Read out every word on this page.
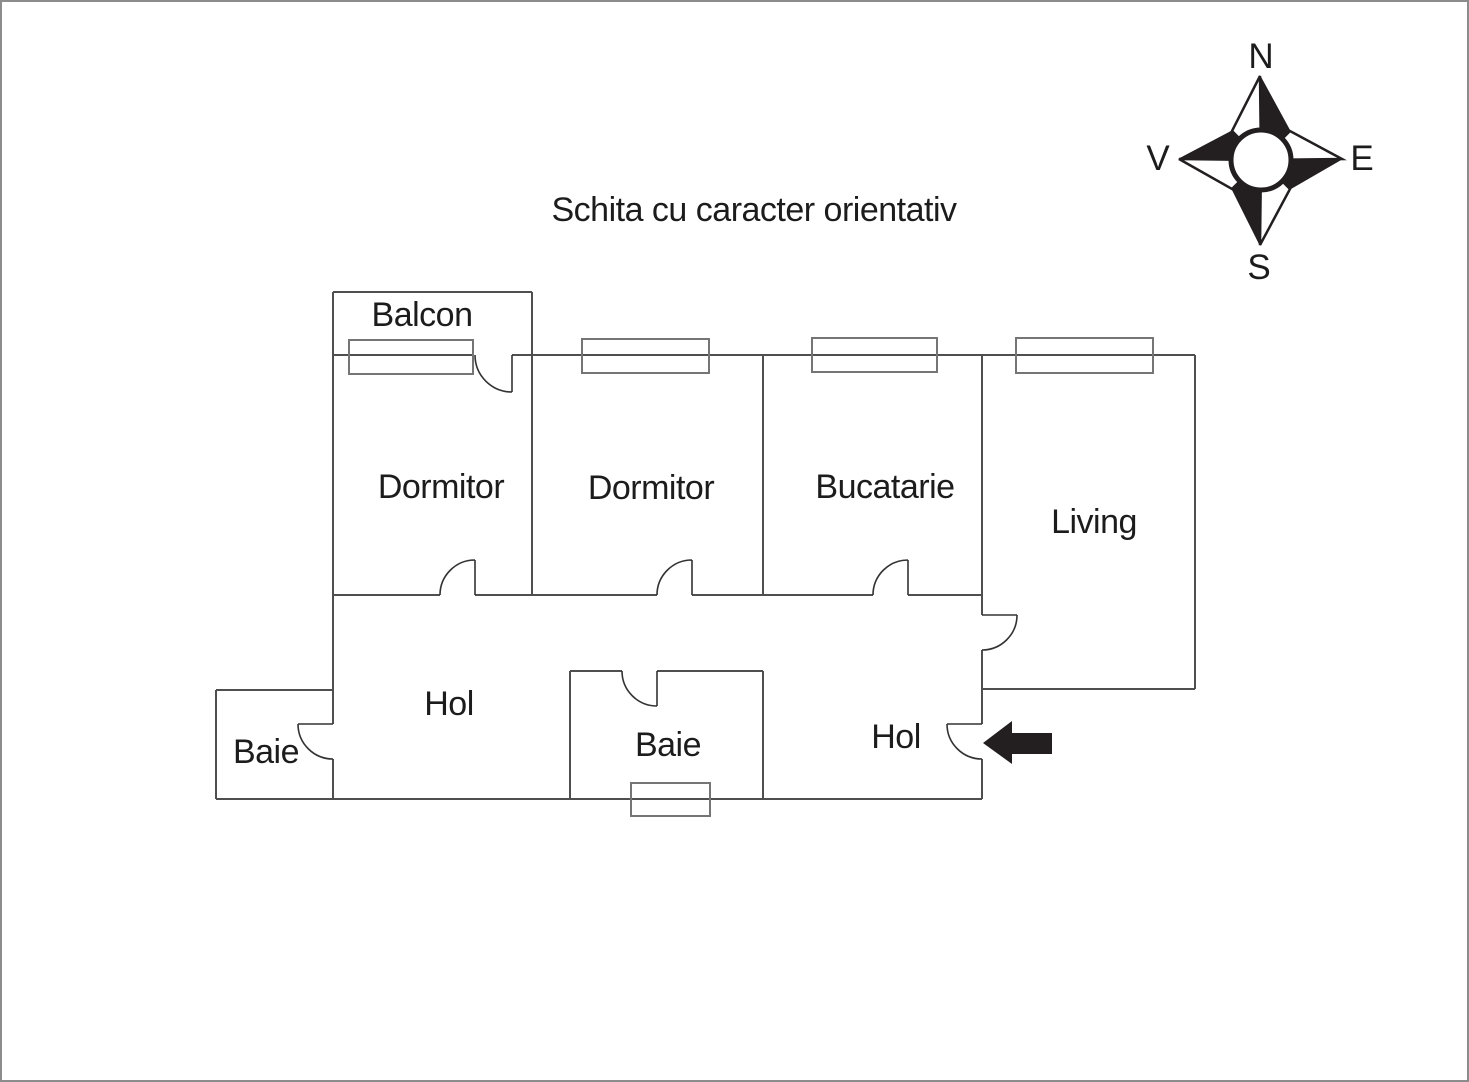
N
E
S
V
Schita cu caracter orientativ
Balcon
Dormitor Dormitor	Bucatarie
Living
Hol
Baie	Baie	Hol
